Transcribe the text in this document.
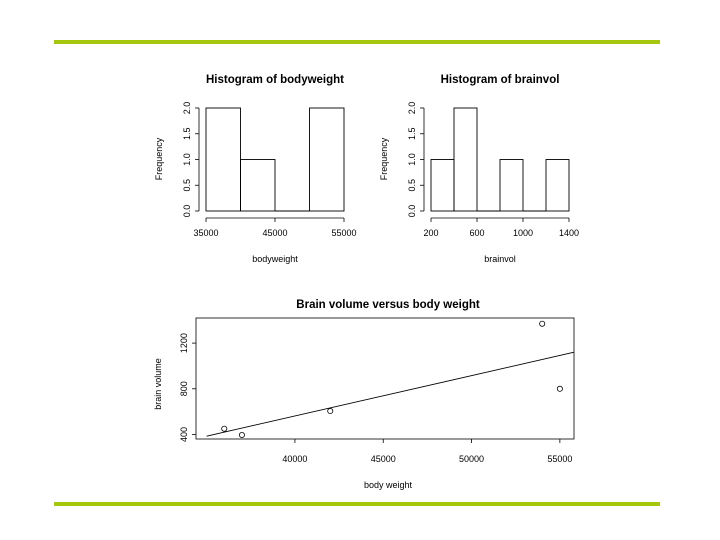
Histogram of bodyweight
35000	45000	55000
0.0
0.5
1.0
1.5
2.0
bodyweight
Frequency
Histogram of brainvol
200	600	1000	1400
0.0
0.5
1.0
1.5
2.0
brainvol
Frequency
Brain volume versus body weight
40000	45000	50000	55000
400
800
1200
body weight
brain volume
